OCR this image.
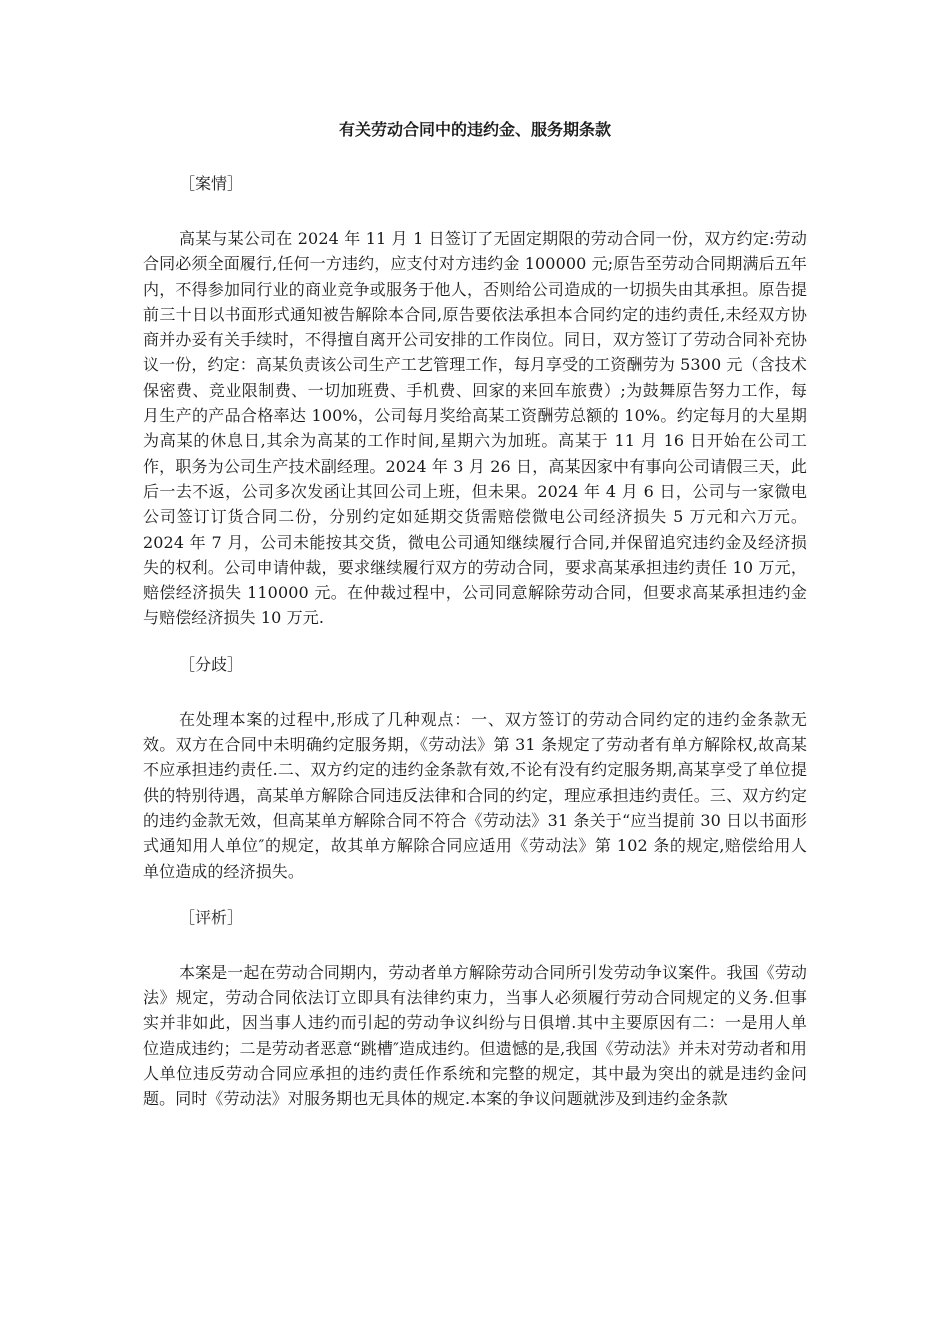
有关劳动合同中的违约金、服务期条款
［案情］

高某与某公司在 2024 年 11 月 1 日签订了无固定期限的劳动合同一份，双方约定:劳动合同必须全面履行,任何一方违约，应支付对方违约金 100000 元;原告至劳动合同期满后五年内，不得参加同行业的商业竞争或服务于他人，否则给公司造成的一切损失由其承担。原告提前三十日以书面形式通知被告解除本合同,原告要依法承担本合同约定的违约责任,未经双方协商并办妥有关手续时，不得擅自离开公司安排的工作岗位。同日，双方签订了劳动合同补充协议一份，约定：高某负责该公司生产工艺管理工作，每月享受的工资酬劳为 5300 元（含技术保密费、竞业限制费、一切加班费、手机费、回家的来回车旅费）;为鼓舞原告努力工作，每月生产的产品合格率达 100%，公司每月奖给高某工资酬劳总额的 10%。约定每月的大星期为高某的休息日,其余为高某的工作时间,星期六为加班。高某于 11 月 16 日开始在公司工作，职务为公司生产技术副经理。2024 年 3 月 26 日，高某因家中有事向公司请假三天，此后一去不返，公司多次发函让其回公司上班，但未果。2024 年 4 月 6 日，公司与一家微电公司签订订货合同二份，分别约定如延期交货需赔偿微电公司经济损失 5 万元和六万元。2024 年 7 月，公司未能按其交货，微电公司通知继续履行合同,并保留追究违约金及经济损失的权利。公司申请仲裁，要求继续履行双方的劳动合同，要求高某承担违约责任 10 万元，赔偿经济损失 110000 元。在仲裁过程中，公司同意解除劳动合同，但要求高某承担违约金与赔偿经济损失 10 万元.

［分歧］

在处理本案的过程中,形成了几种观点：一、双方签订的劳动合同约定的违约金条款无效。双方在合同中未明确约定服务期，《劳动法》第 31 条规定了劳动者有单方解除权,故高某不应承担违约责任.二、双方约定的违约金条款有效,不论有没有约定服务期,高某享受了单位提供的特别待遇，高某单方解除合同违反法律和合同的约定，理应承担违约责任。三、双方约定的违约金款无效，但高某单方解除合同不符合《劳动法》31 条关于“应当提前 30 日以书面形式通知用人单位″的规定，故其单方解除合同应适用《劳动法》第 102 条的规定,赔偿给用人单位造成的经济损失。

［评析］

本案是一起在劳动合同期内，劳动者单方解除劳动合同所引发劳动争议案件。我国《劳动法》规定，劳动合同依法订立即具有法律约束力，当事人必须履行劳动合同规定的义务.但事实并非如此，因当事人违约而引起的劳动争议纠纷与日俱增.其中主要原因有二：一是用人单位造成违约；二是劳动者恶意“跳槽″造成违约。但遗憾的是,我国《劳动法》并未对劳动者和用人单位违反劳动合同应承担的违约责任作系统和完整的规定，其中最为突出的就是违约金问题。同时《劳动法》对服务期也无具体的规定.本案的争议问题就涉及到违约金条款
